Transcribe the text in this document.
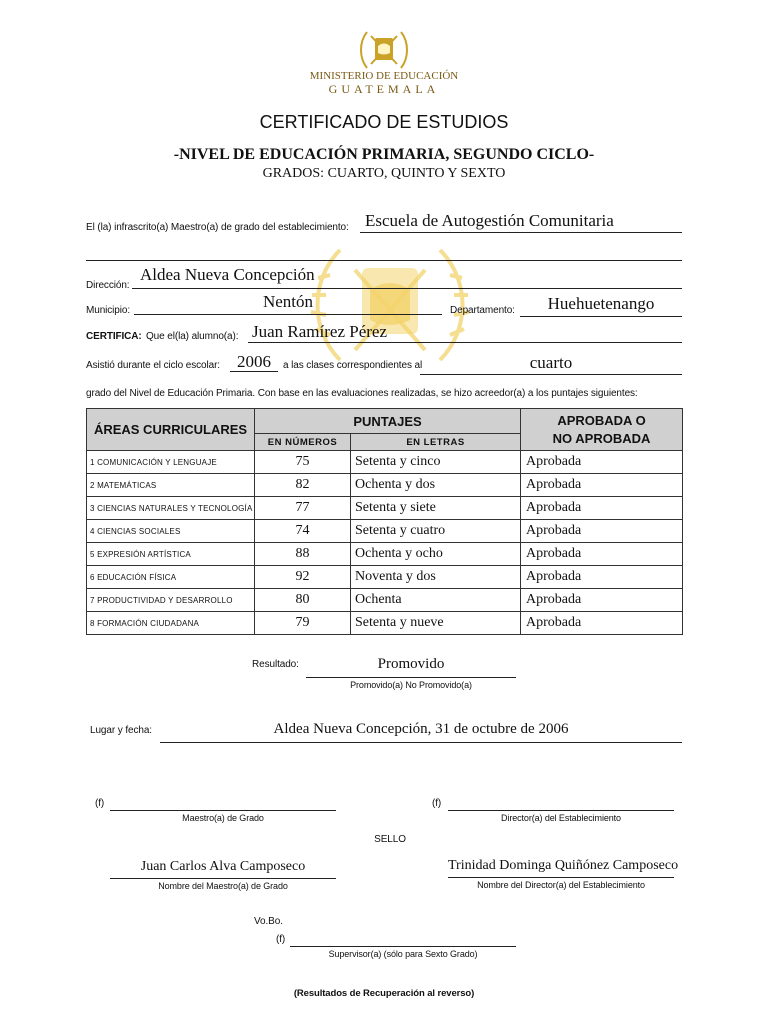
MINISTERIO DE EDUCACIÓN
GUATEMALA
CERTIFICADO DE ESTUDIOS
-NIVEL DE EDUCACIÓN PRIMARIA, SEGUNDO CICLO-
GRADOS: CUARTO, QUINTO Y SEXTO
El (la) infrascrito(a) Maestro(a) de grado del establecimiento: Escuela de Autogestión Comunitaria
Dirección:
Aldea Nueva Concepción
Municipio:	Nentón	Departamento:	Huehuetenango
CERTIFICA: Que el(la) alumno(a): Juan Ramírez Pérez
Asistió durante el ciclo escolar:	2006	a las clases correspondientes al	cuarto
grado del Nivel de Educación Primaria. Con base en las evaluaciones realizadas, se hizo acreedor(a) a los puntajes siguientes:
ÁREAS CURRICULARES	PUNTAJES		APROBADA O
NO APROBADA
	EN NÚMEROS	EN LETRAS	
1 COMUNICACIÓN Y LENGUAJE	75	Setenta y cinco	Aprobada
2 MATEMÁTICAS	82	Ochenta y dos	Aprobada
3 CIENCIAS NATURALES Y TECNOLOGÍA	77	Setenta y siete	Aprobada
4 CIENCIAS SOCIALES	74	Setenta y cuatro	Aprobada
5 EXPRESIÓN ARTÍSTICA	88	Ochenta y ocho	Aprobada
6 EDUCACIÓN FÍSICA	92	Noventa y dos	Aprobada
7 PRODUCTIVIDAD Y DESARROLLO	80	Ochenta	Aprobada
8 FORMACIÓN CIUDADANA	79	Setenta y nueve	Aprobada
Resultado:	Promovido
Promovido(a) No Promovido(a)
Lugar y fecha:	Aldea Nueva Concepción, 31 de octubre de 2006
(f)
Maestro(a) de Grado
(f)
Director(a) del Establecimiento
SELLO
Juan Carlos Alva Camposeco
Nombre del Maestro(a) de Grado
Trinidad Dominga Quiñónez Camposeco
Nombre del Director(a) del Establecimiento
Vo.Bo.
(f)
Supervisor(a) (sólo para Sexto Grado)
(Resultados de Recuperación al reverso)
